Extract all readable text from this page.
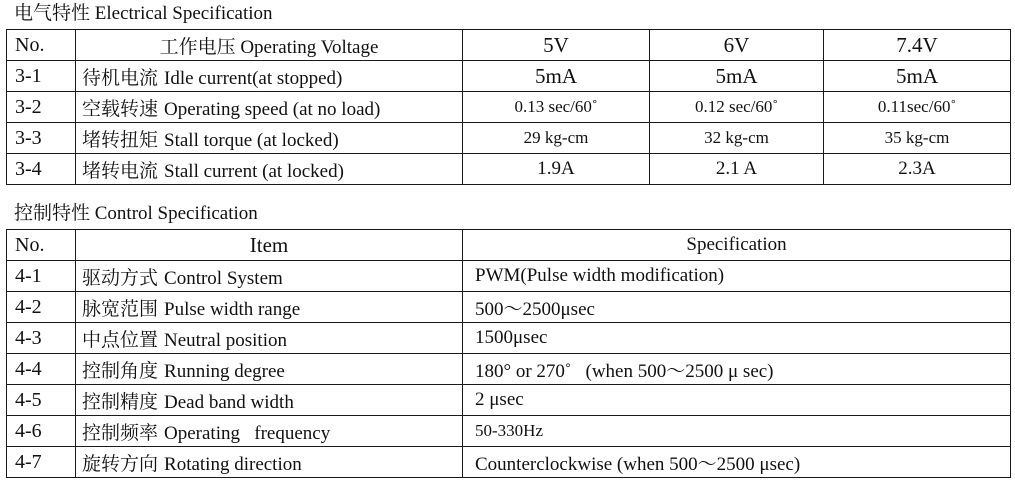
电气特性 Electrical Specification
No.	工作电压 Operating Voltage	5V	6V	7.4V
3-1	待机电流 Idle current(at stopped)	5mA	5mA	5mA
3-2	空载转速 Operating speed (at no load)	0.13 sec/60˚	0.12 sec/60˚	0.11sec/60˚
3-3	堵转扭矩 Stall torque (at locked)	29 kg-cm	32 kg-cm	35 kg-cm
3-4	堵转电流 Stall current (at locked)	1.9A	2.1 A	2.3A
控制特性 Control Specification
No.	Item	Specification
4-1	驱动方式 Control System	PWM(Pulse width modification)
4-2	脉宽范围 Pulse width range	500～2500μsec
4-3	中点位置 Neutral position	1500μsec
4-4	控制角度 Running degree	180° or 270˚   (when 500～2500 μ sec)
4-5	控制精度 Dead band width	2 μsec
4-6	控制频率 Operating   frequency	50-330Hz
4-7	旋转方向 Rotating direction	Counterclockwise (when 500～2500 μsec)
